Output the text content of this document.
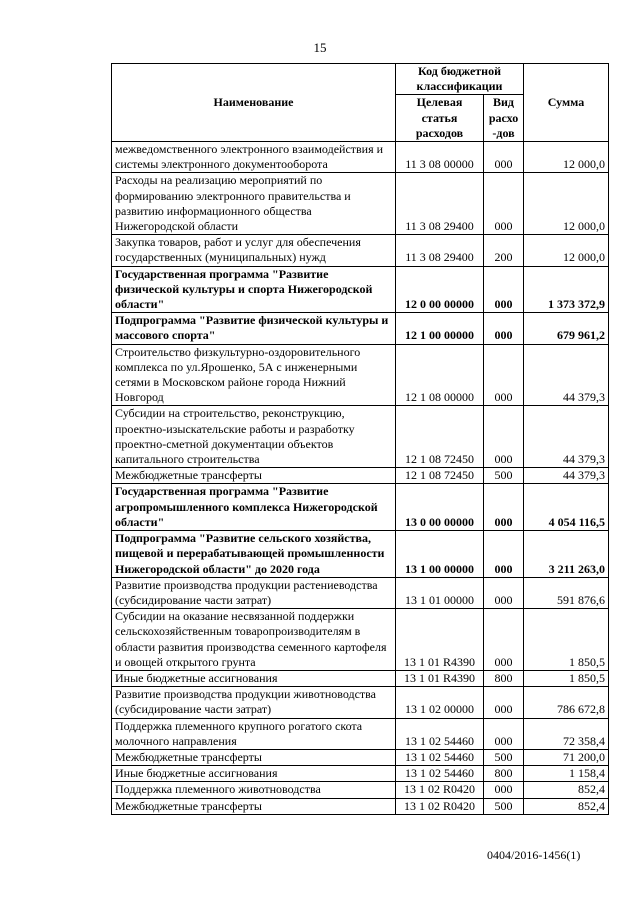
15
Наименование	Код бюджетной классификации		Сумма
	Целевая статья расходов	Вид расхо -дов	
межведомственного электронного взаимодействия и системы электронного документооборота	11 3 08 00000	000	12 000,0
Расходы на реализацию мероприятий по формированию электронного правительства и развитию информационного общества Нижегородской области	11 3 08 29400	000	12 000,0
Закупка товаров, работ и услуг для обеспечения государственных (муниципальных) нужд	11 3 08 29400	200	12 000,0
Государственная программа "Развитие физической культуры и спорта Нижегородской области"	12 0 00 00000	000	1 373 372,9
Подпрограмма "Развитие физической культуры и массового спорта"	12 1 00 00000	000	679 961,2
Строительство физкультурно-оздоровительного комплекса по ул.Ярошенко, 5А с инженерными сетями в Московском районе города Нижний Новгород	12 1 08 00000	000	44 379,3
Субсидии на строительство, реконструкцию, проектно-изыскательские работы и разработку проектно-сметной документации объектов капитального строительства	12 1 08 72450	000	44 379,3
Межбюджетные трансферты	12 1 08 72450	500	44 379,3
Государственная программа "Развитие агропромышленного комплекса Нижегородской области"	13 0 00 00000	000	4 054 116,5
Подпрограмма "Развитие сельского хозяйства, пищевой и перерабатывающей промышленности Нижегородской области" до 2020 года	13 1 00 00000	000	3 211 263,0
Развитие производства продукции растениеводства (субсидирование части затрат)	13 1 01 00000	000	591 876,6
Субсидии на оказание несвязанной поддержки сельскохозяйственным товаропроизводителям в области развития производства семенного картофеля и овощей открытого грунта	13 1 01 R4390	000	1 850,5
Иные бюджетные ассигнования	13 1 01 R4390	800	1 850,5
Развитие производства продукции животноводства (субсидирование части затрат)	13 1 02 00000	000	786 672,8
Поддержка племенного крупного рогатого скота молочного направления	13 1 02 54460	000	72 358,4
Межбюджетные трансферты	13 1 02 54460	500	71 200,0
Иные бюджетные ассигнования	13 1 02 54460	800	1 158,4
Поддержка племенного животноводства	13 1 02 R0420	000	852,4
Межбюджетные трансферты	13 1 02 R0420	500	852,4
0404/2016-1456(1)
